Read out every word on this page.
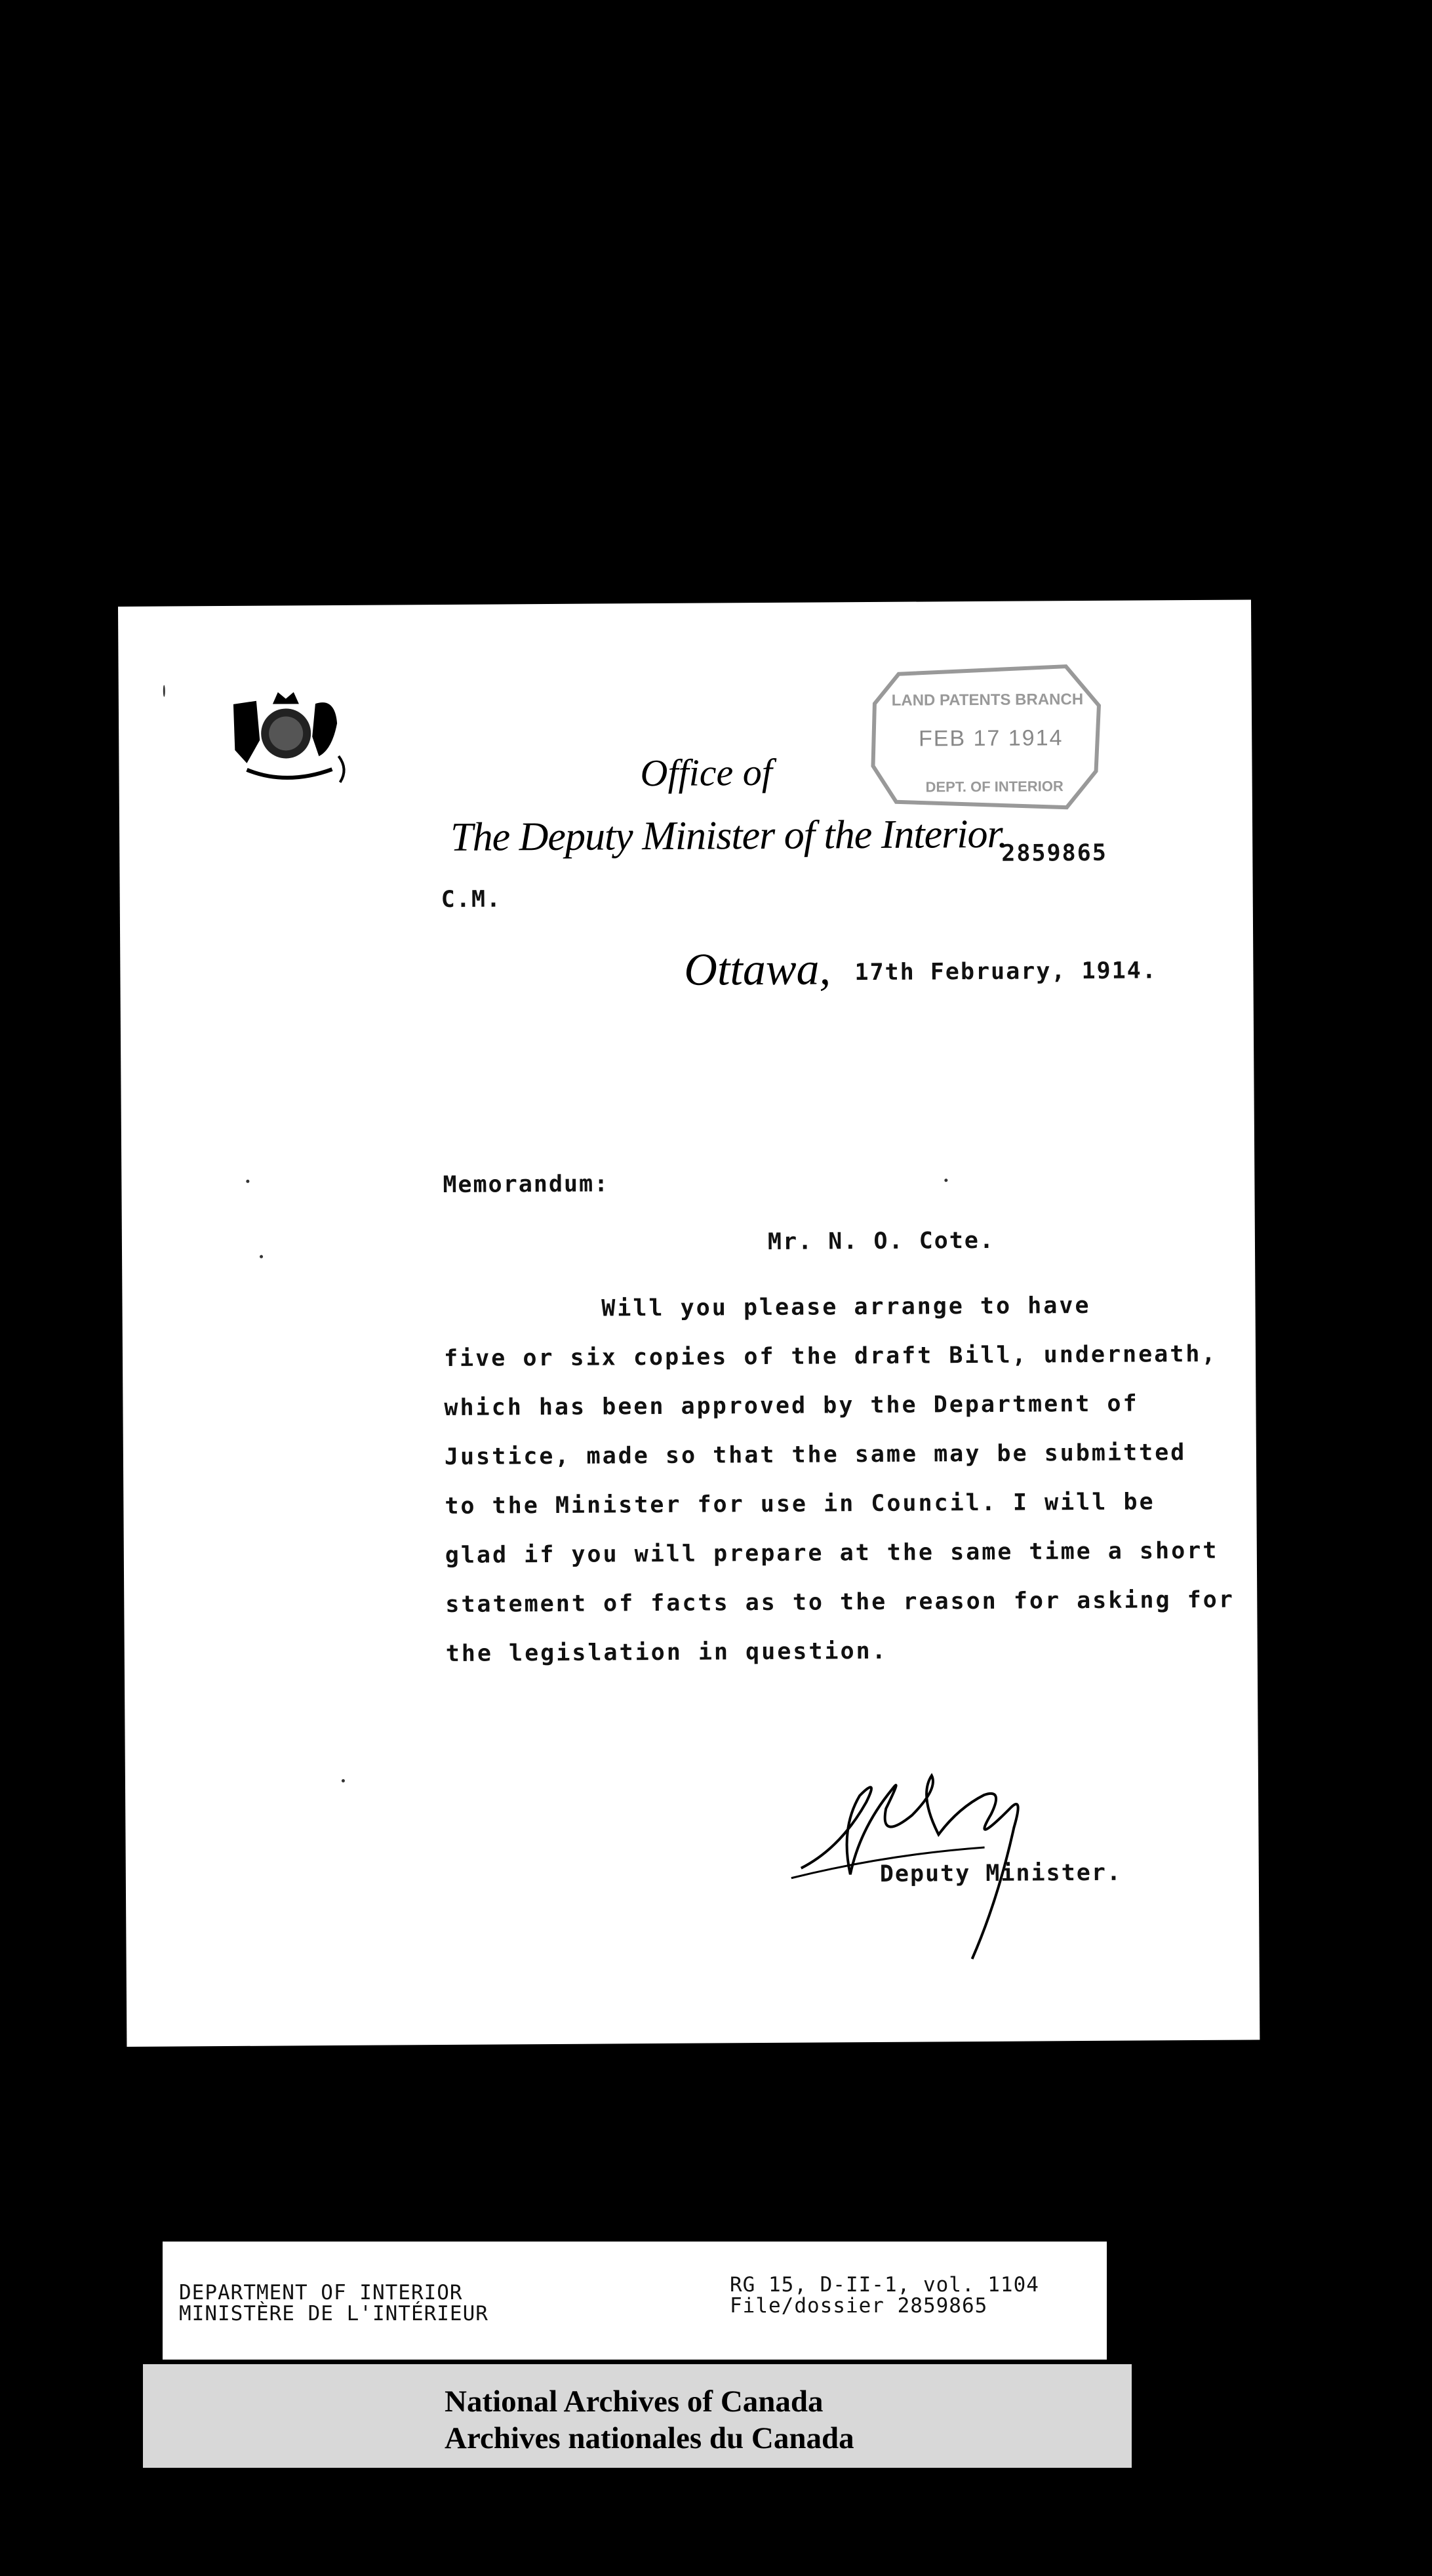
LAND PATENTS BRANCH
DEPT. OF INTERIOR
FEB 17 1914
Office of
The Deputy Minister of the Interior.
2859865
C.M.
Ottawa, 17th February, 1914.
Memorandum:
Mr. N. O. Cote.
Will you please arrange to have
five or six copies of the draft Bill, underneath,
which has been approved by the Department of
Justice, made so that the same may be submitted
to the Minister for use in Council. I will be
glad if you will prepare at the same time a short
statement of facts as to the reason for asking for
the legislation in question.
Deputy Minister.
DEPARTMENT OF INTERIOR
MINISTÈRE DE L'INTÉRIEUR
RG 15, D-II-1, vol. 1104
File/dossier 2859865
National Archives of Canada
Archives nationales du Canada
